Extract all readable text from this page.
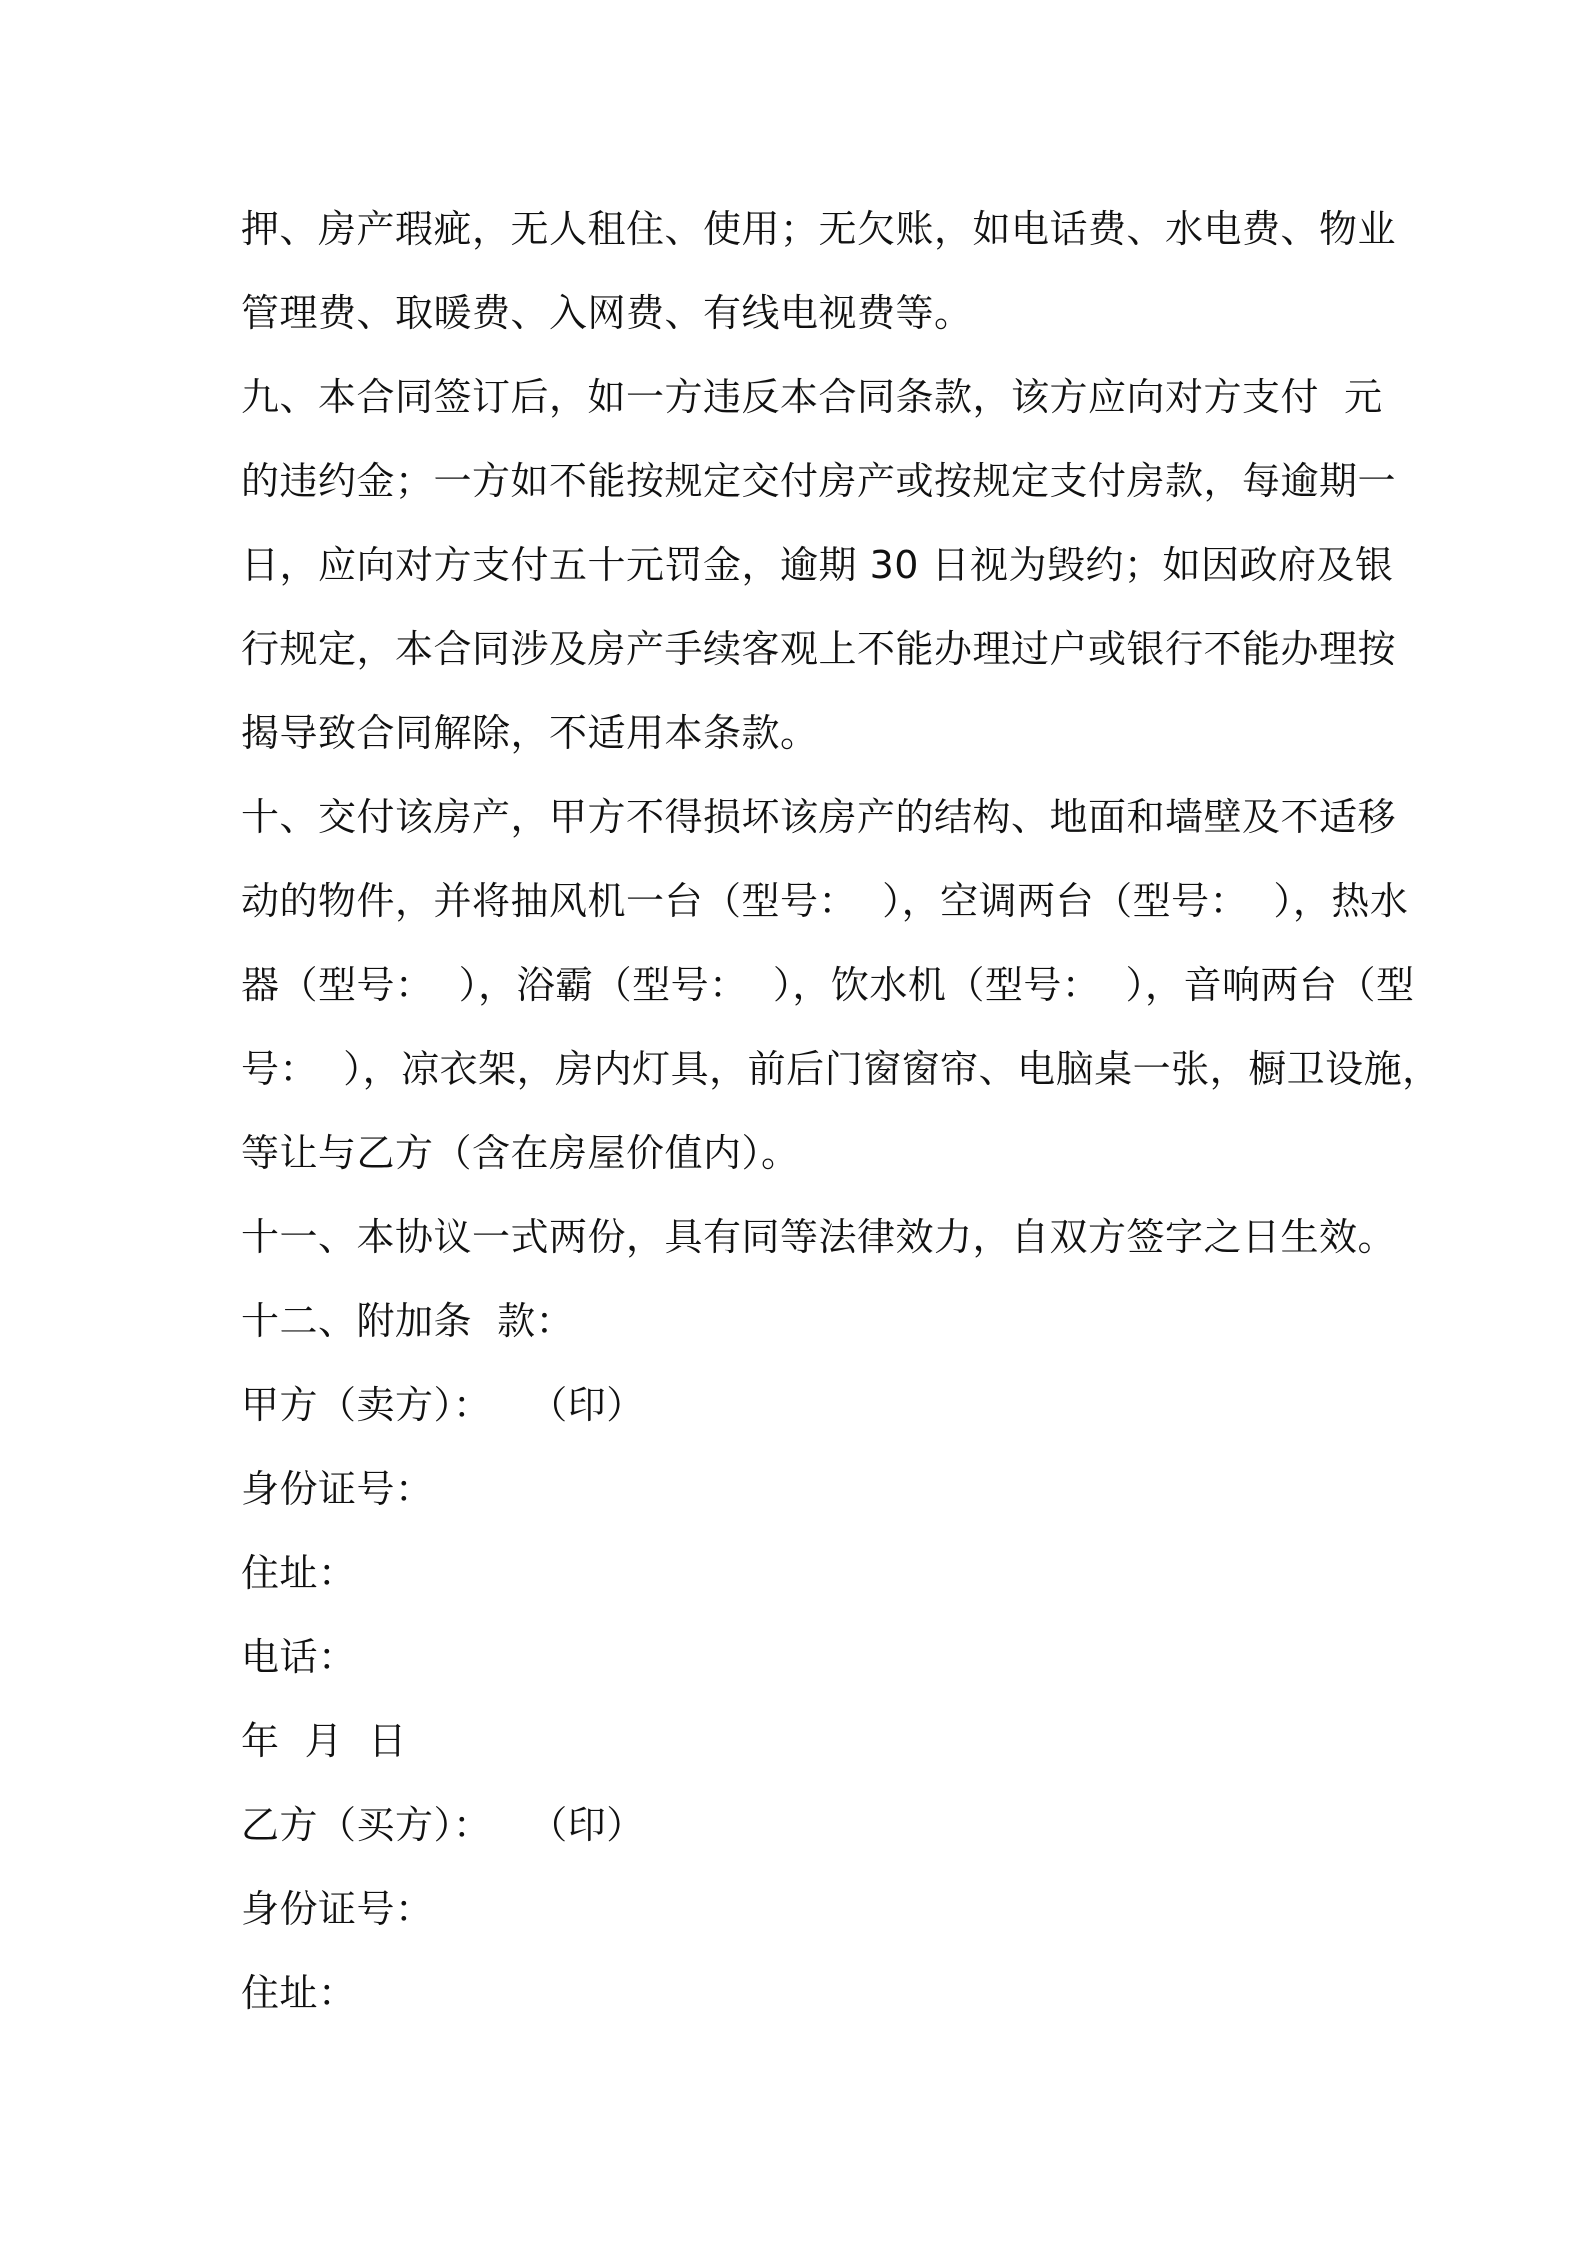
押、房产瑕疵，无人租住、使用；无欠账，如电话费、水电费、物业
管理费、取暖费、入网费、有线电视费等。
九、本合同签订后，如一方违反本合同条款，该方应向对方支付  元
的违约金；一方如不能按规定交付房产或按规定支付房款，每逾期一
日，应向对方支付五十元罚金，逾期 30 日视为毁约；如因政府及银
行规定，本合同涉及房产手续客观上不能办理过户或银行不能办理按
揭导致合同解除，不适用本条款。
十、交付该房产，甲方不得损坏该房产的结构、地面和墙壁及不适移
动的物件，并将抽风机一台（型号：  ），空调两台（型号：  ），热水
器（型号：  ），浴霸（型号：  ），饮水机（型号：  ），音响两台（型
号：  ），凉衣架，房内灯具，前后门窗窗帘、电脑桌一张，橱卫设施，
等让与乙方（含在房屋价值内）。
十一、本协议一式两份，具有同等法律效力，自双方签字之日生效。
十二、附加条  款：
甲方（卖方）：   （印）
身份证号：
住址：
电话：
年  月  日
乙方（买方）：   （印）
身份证号：
住址：
